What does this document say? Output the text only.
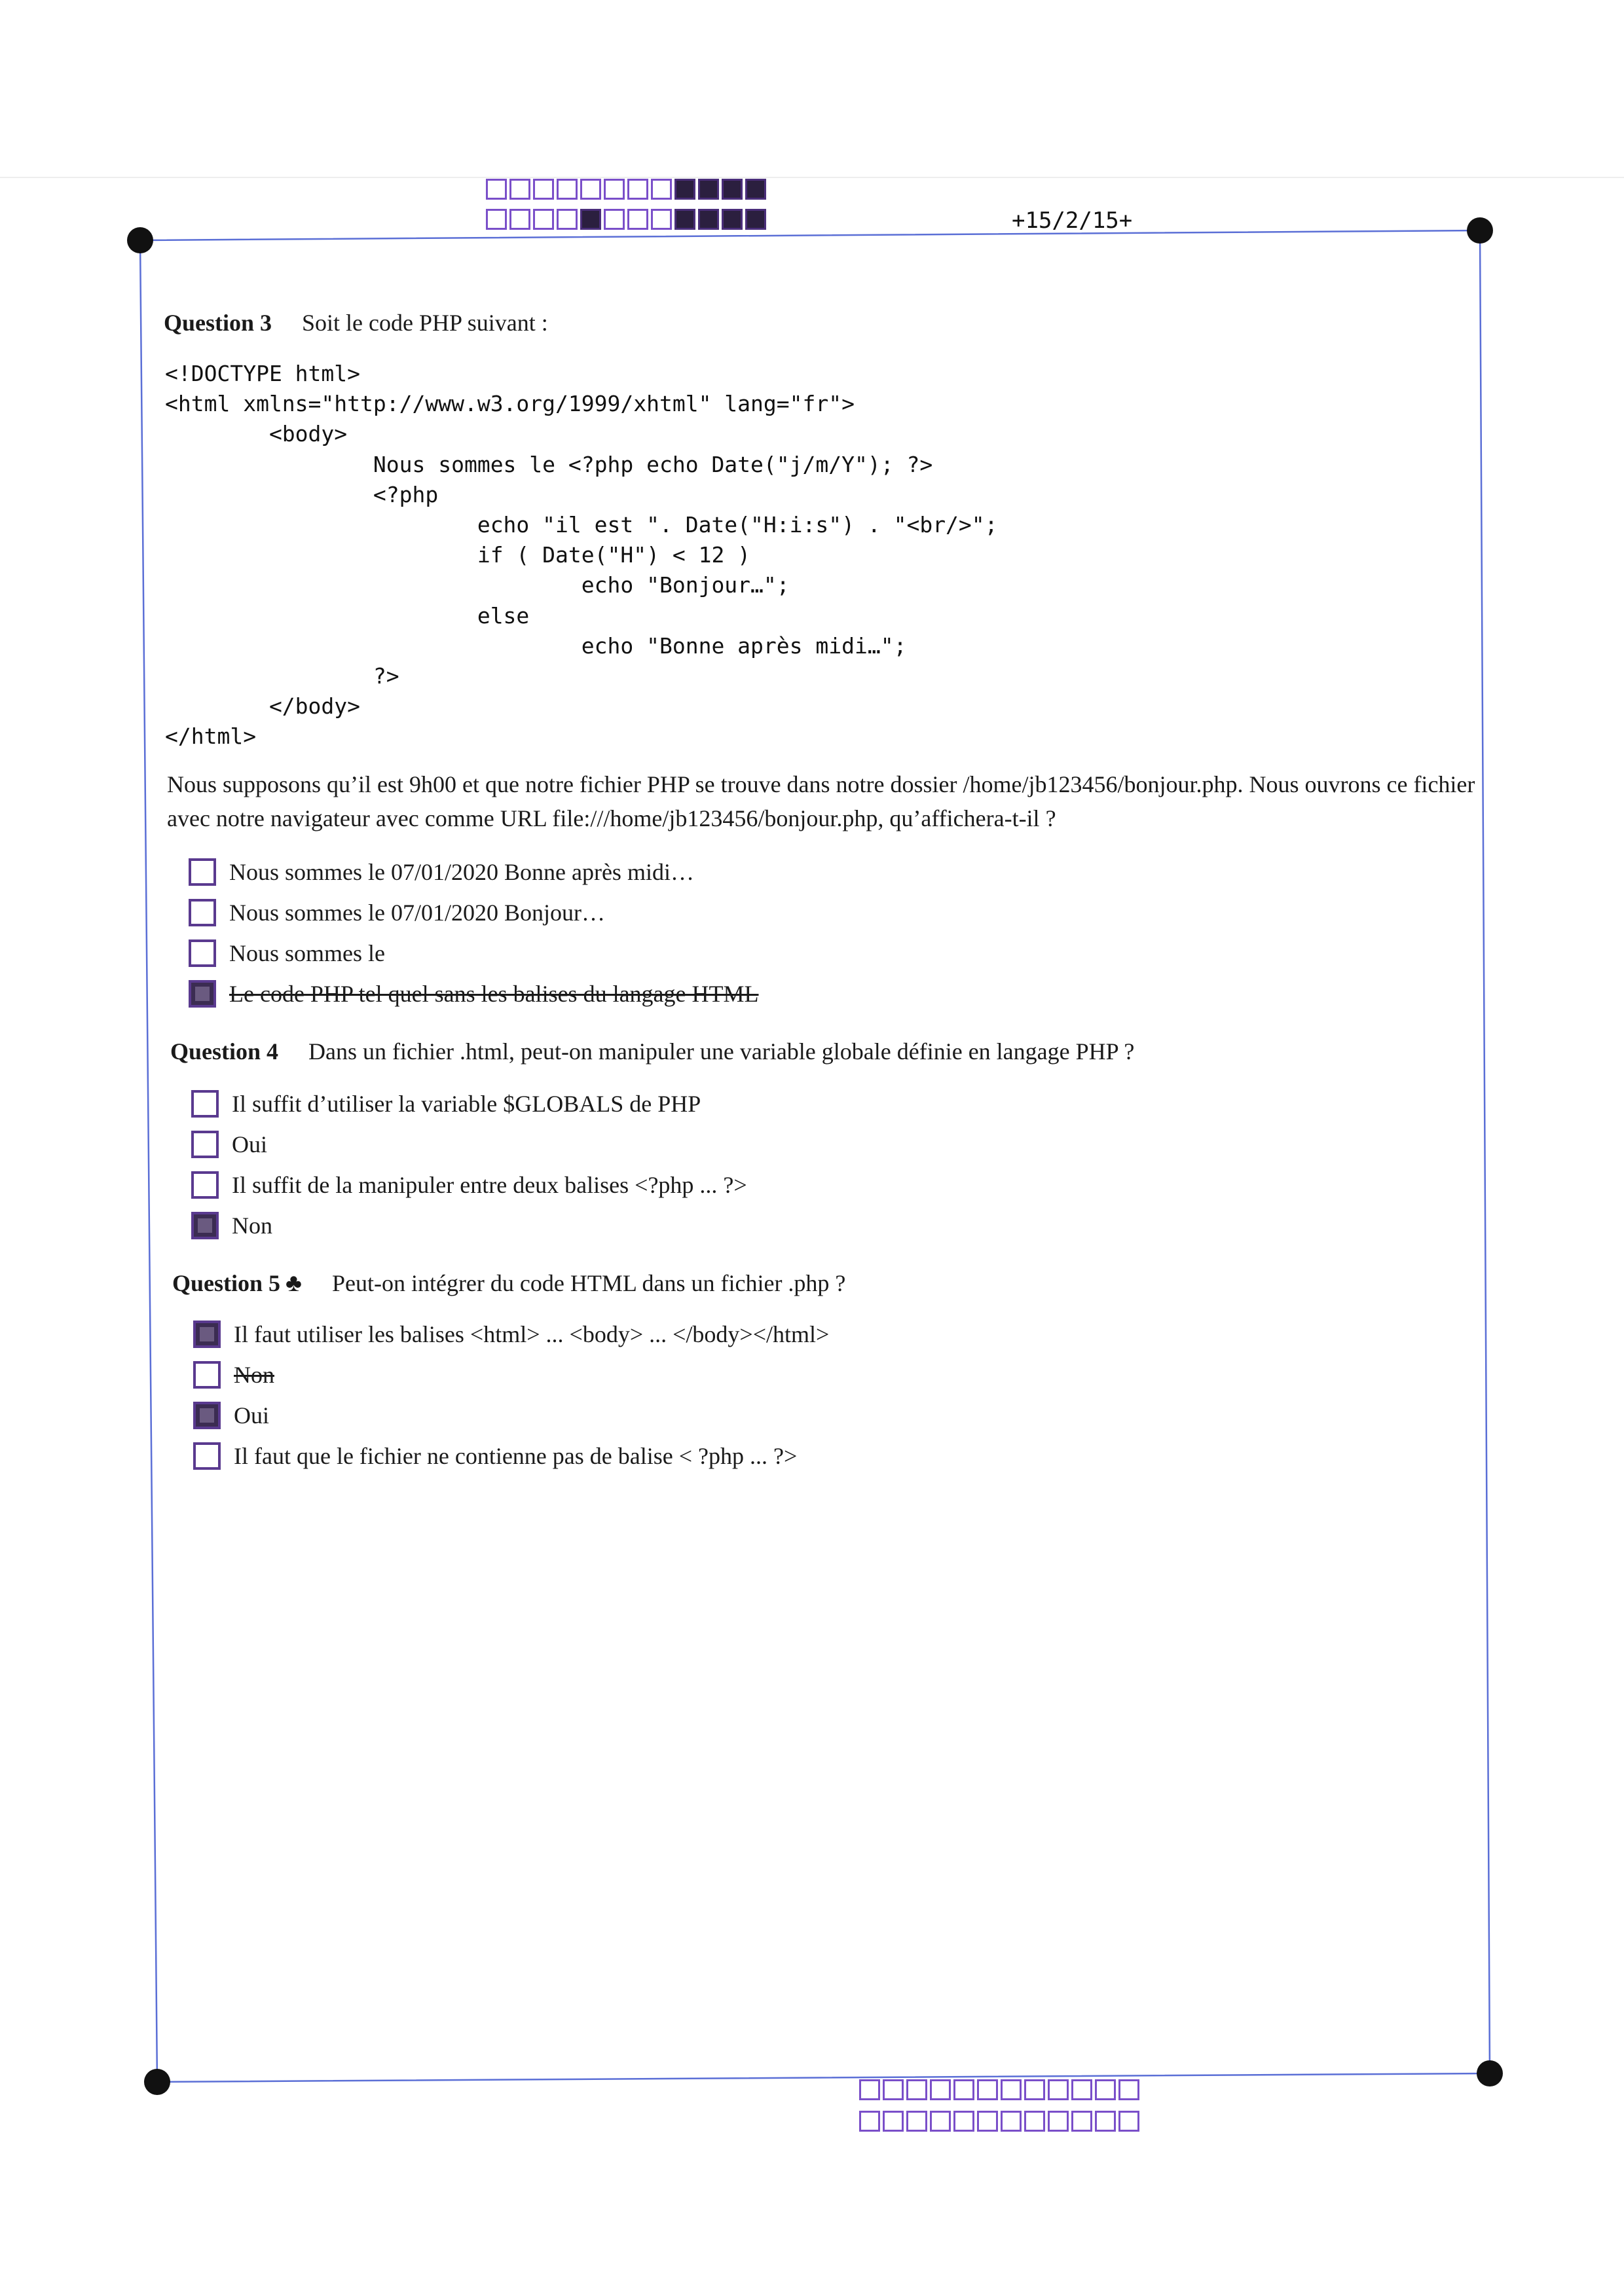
+15/2/15+
Question 3 Soit le code PHP suivant :
<!DOCTYPE html>
<html xmlns="http://www.w3.org/1999/xhtml" lang="fr">
<body>
Nous sommes le <?php echo Date("j/m/Y"); ?>
<?php
echo "il est ". Date("H:i:s") . "<br/>";
if ( Date("H") < 12 )
echo "Bonjour…";
else
echo "Bonne après midi…";
?>
</body>
</html>
Nous supposons qu’il est 9h00 et que notre fichier PHP se trouve dans notre dossier /home/jb123456/bonjour.php. Nous ouvrons ce fichier avec notre navigateur avec comme URL file:///home/jb123456/bonjour.php, qu’affichera-t-il ?
Nous sommes le 07/01/2020 Bonne après midi…
Nous sommes le 07/01/2020 Bonjour…
Nous sommes le
Le code PHP tel quel sans les balises du langage HTML
Question 4 Dans un fichier .html, peut-on manipuler une variable globale définie en langage PHP ?
Il suffit d’utiliser la variable $GLOBALS de PHP
Oui
Il suffit de la manipuler entre deux balises <?php ... ?>
Non
Question 5 ♣ Peut-on intégrer du code HTML dans un fichier .php ?
Il faut utiliser les balises <html> ... <body> ... </body></html>
Non
Oui
Il faut que le fichier ne contienne pas de balise < ?php ... ?>
